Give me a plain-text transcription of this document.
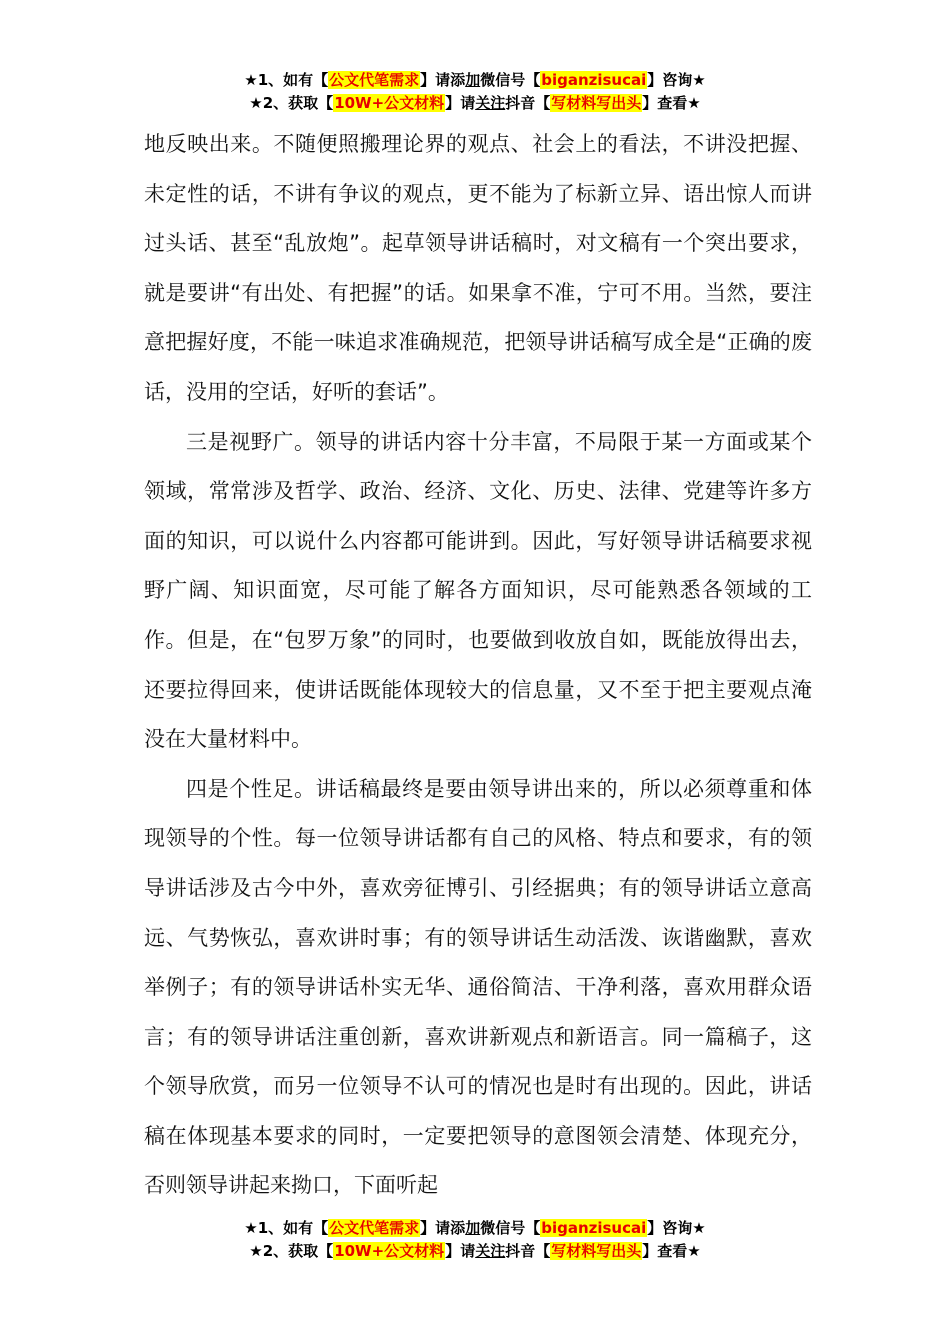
★1、如有【公文代笔需求】请添加微信号【biganzisucai】咨询★
★2、获取【10W+公文材料】请关注抖音【写材料写出头】查看★

地反映出来。不随便照搬理论界的观点、社会上的看法，不讲没把握、未定性的话，不讲有争议的观点，更不能为了标新立异、语出惊人而讲过头话、甚至“乱放炮”。起草领导讲话稿时，对文稿有一个突出要求，就是要讲“有出处、有把握”的话。如果拿不准，宁可不用。当然，要注意把握好度，不能一味追求准确规范，把领导讲话稿写成全是“正确的废话，没用的空话，好听的套话”。

三是视野广。领导的讲话内容十分丰富，不局限于某一方面或某个领域，常常涉及哲学、政治、经济、文化、历史、法律、党建等许多方面的知识，可以说什么内容都可能讲到。因此，写好领导讲话稿要求视野广阔、知识面宽，尽可能了解各方面知识，尽可能熟悉各领域的工作。但是，在“包罗万象”的同时，也要做到收放自如，既能放得出去，还要拉得回来，使讲话既能体现较大的信息量，又不至于把主要观点淹没在大量材料中。

四是个性足。讲话稿最终是要由领导讲出来的，所以必须尊重和体现领导的个性。每一位领导讲话都有自己的风格、特点和要求，有的领导讲话涉及古今中外，喜欢旁征博引、引经据典；有的领导讲话立意高远、气势恢弘，喜欢讲时事；有的领导讲话生动活泼、诙谐幽默，喜欢举例子；有的领导讲话朴实无华、通俗简洁、干净利落，喜欢用群众语言；有的领导讲话注重创新，喜欢讲新观点和新语言。同一篇稿子，这个领导欣赏，而另一位领导不认可的情况也是时有出现的。因此，讲话稿在体现基本要求的同时，一定要把领导的意图领会清楚、体现充分，否则领导讲起来拗口，下面听起

★1、如有【公文代笔需求】请添加微信号【biganzisucai】咨询★
★2、获取【10W+公文材料】请关注抖音【写材料写出头】查看★
